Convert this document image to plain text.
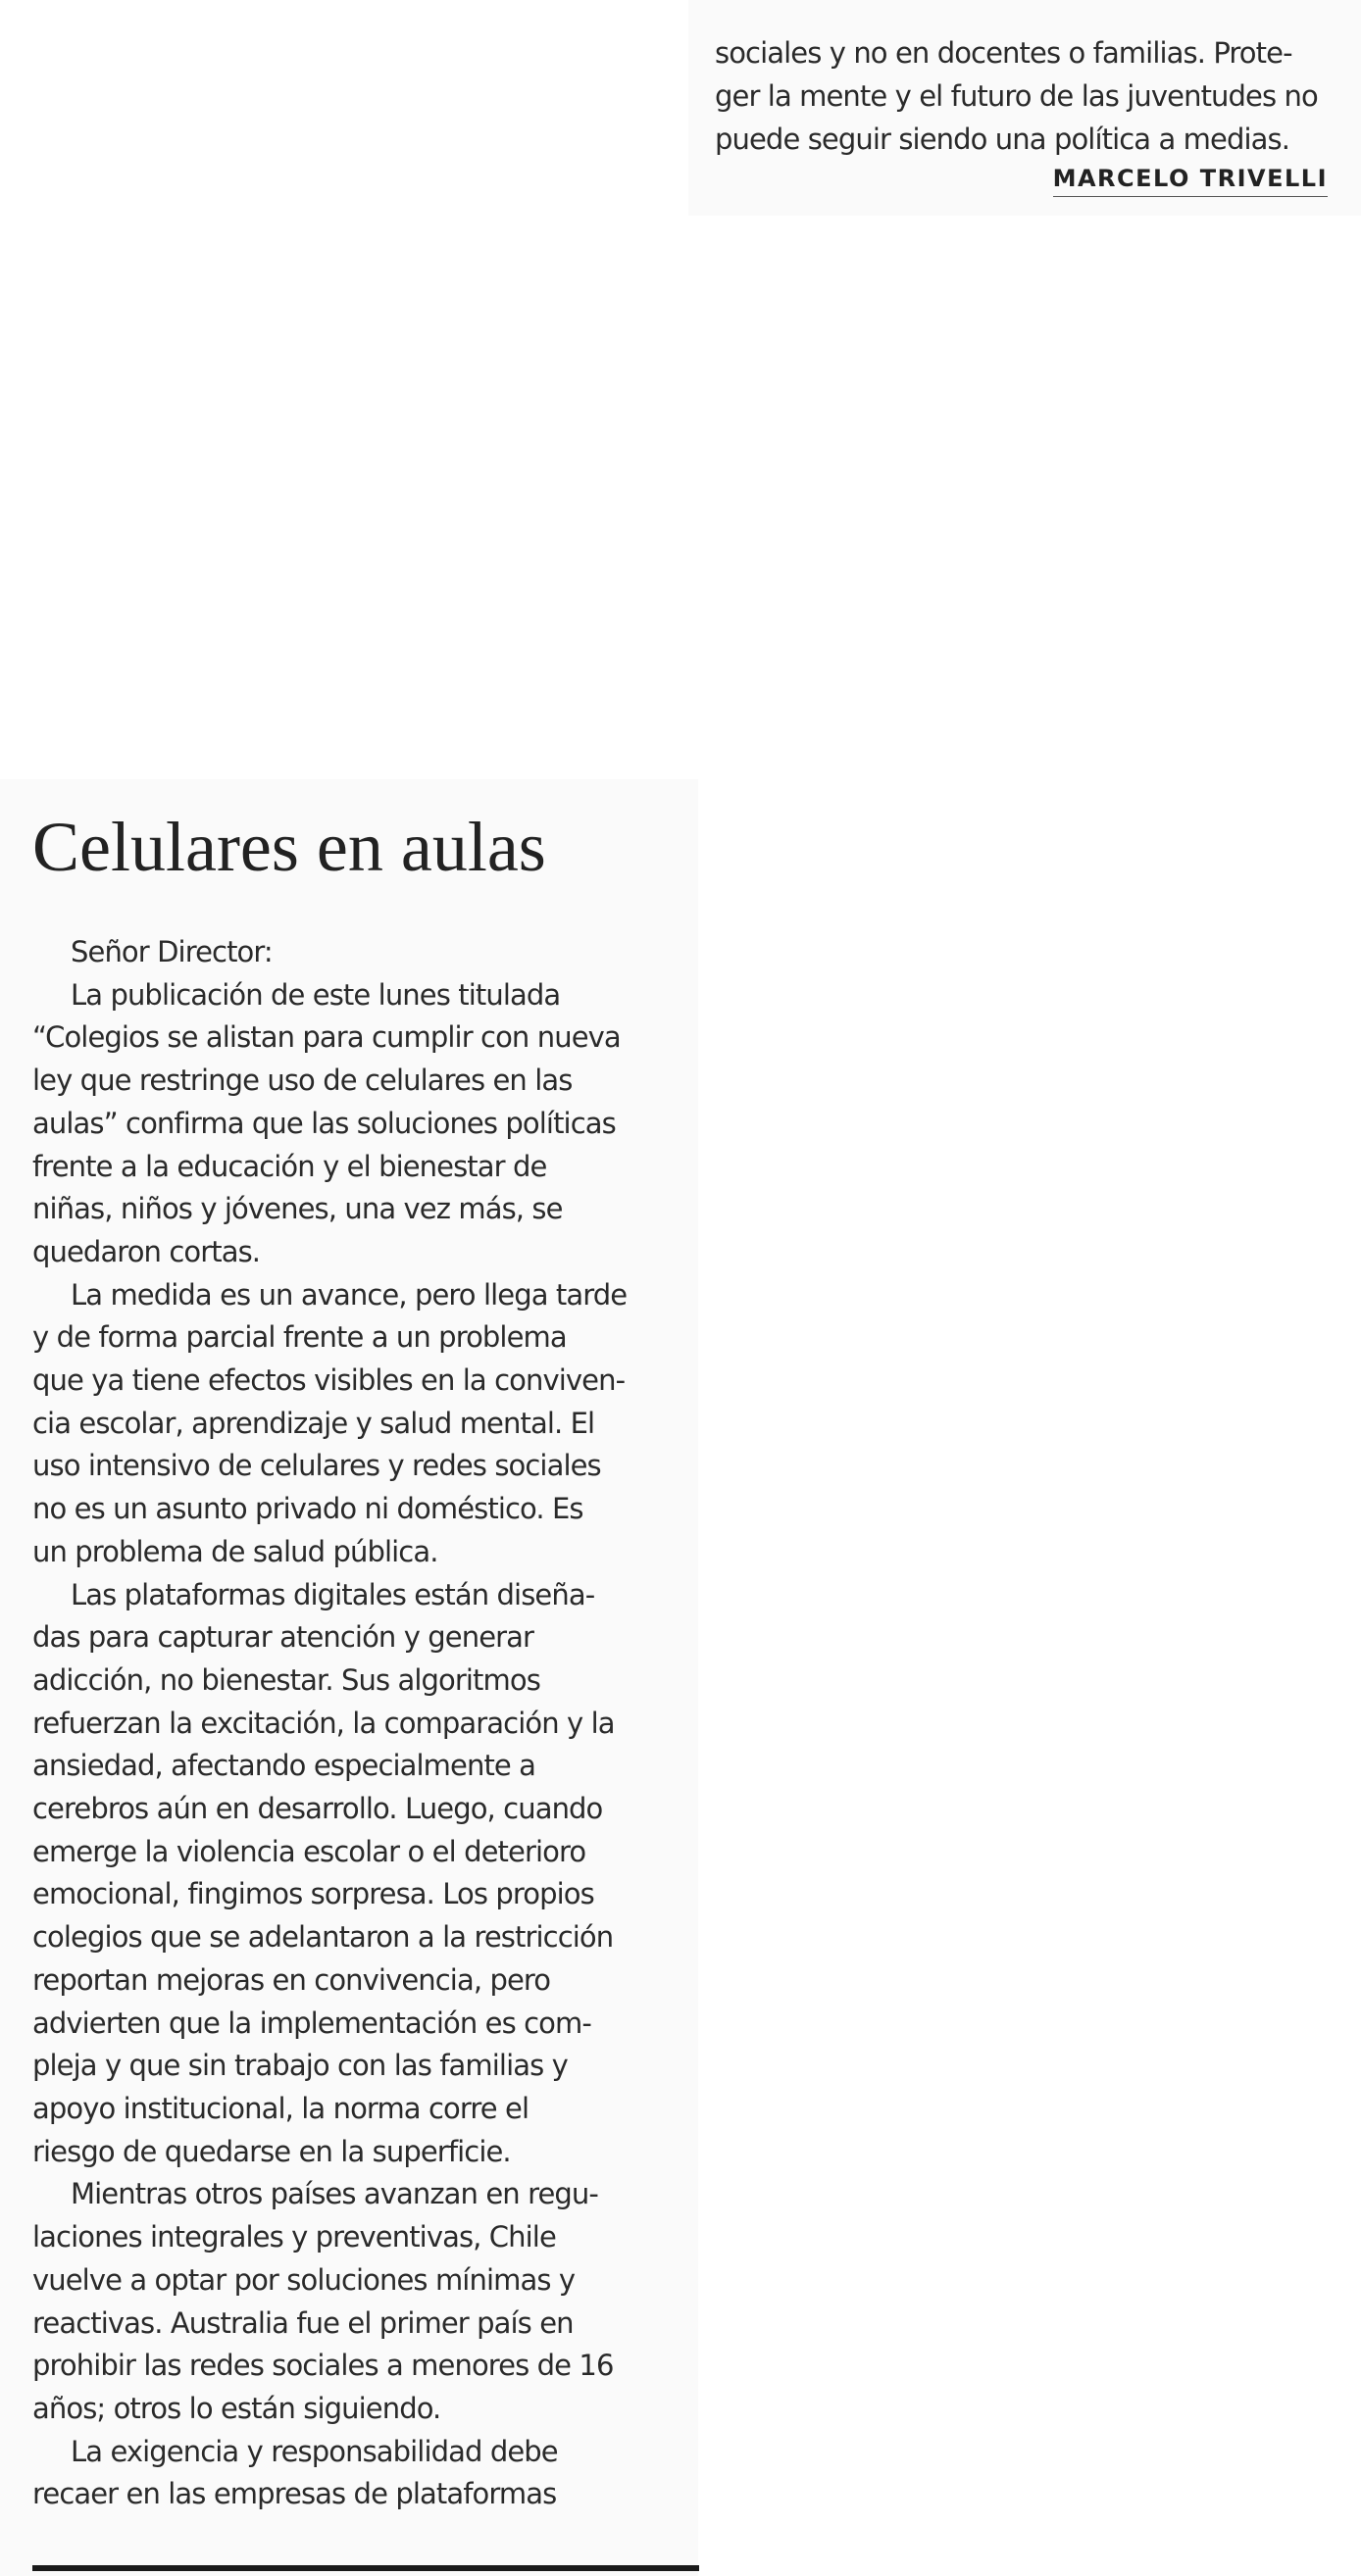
sociales y no en docentes o familias. Prote-
ger la mente y el futuro de las juventudes no
puede seguir siendo una política a medias.
MARCELO TRIVELLI
Celulares en aulas
Señor Director:
La publicación de este lunes titulada
“Colegios se alistan para cumplir con nueva
ley que restringe uso de celulares en las
aulas” confirma que las soluciones políticas
frente a la educación y el bienestar de
niñas, niños y jóvenes, una vez más, se
quedaron cortas.
La medida es un avance, pero llega tarde
y de forma parcial frente a un problema
que ya tiene efectos visibles en la conviven-
cia escolar, aprendizaje y salud mental. El
uso intensivo de celulares y redes sociales
no es un asunto privado ni doméstico. Es
un problema de salud pública.
Las plataformas digitales están diseña-
das para capturar atención y generar
adicción, no bienestar. Sus algoritmos
refuerzan la excitación, la comparación y la
ansiedad, afectando especialmente a
cerebros aún en desarrollo. Luego, cuando
emerge la violencia escolar o el deterioro
emocional, fingimos sorpresa. Los propios
colegios que se adelantaron a la restricción
reportan mejoras en convivencia, pero
advierten que la implementación es com-
pleja y que sin trabajo con las familias y
apoyo institucional, la norma corre el
riesgo de quedarse en la superficie.
Mientras otros países avanzan en regu-
laciones integrales y preventivas, Chile
vuelve a optar por soluciones mínimas y
reactivas. Australia fue el primer país en
prohibir las redes sociales a menores de 16
años; otros lo están siguiendo.
La exigencia y responsabilidad debe
recaer en las empresas de plataformas
